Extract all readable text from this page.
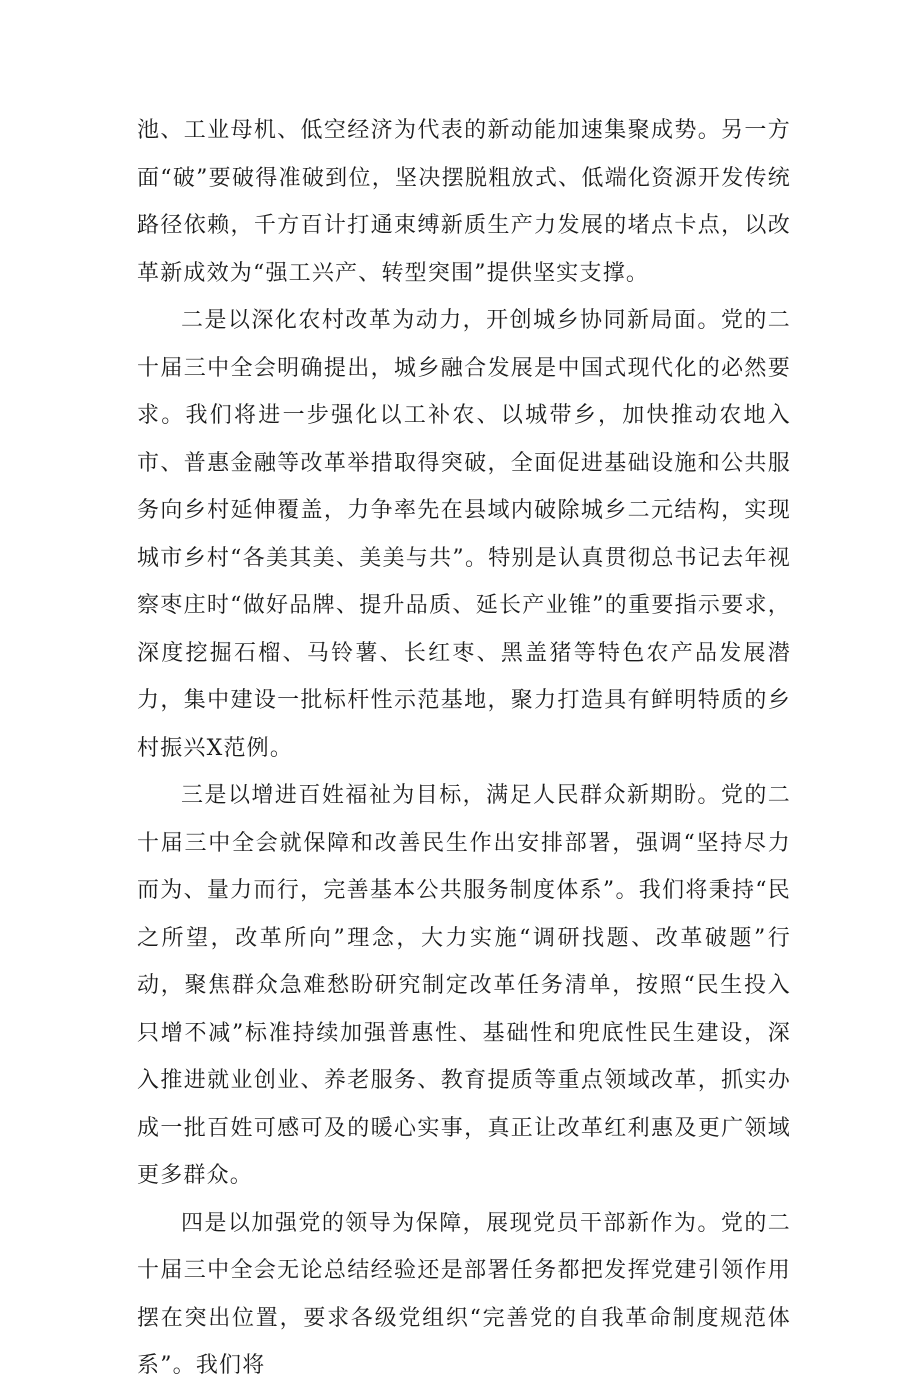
池、工业母机、低空经济为代表的新动能加速集聚成势。另一方面“破”要破得准破到位，坚决摆脱粗放式、低端化资源开发传统路径依赖，千方百计打通束缚新质生产力发展的堵点卡点，以改革新成效为“强工兴产、转型突围”提供坚实支撑。

二是以深化农村改革为动力，开创城乡协同新局面。党的二十届三中全会明确提出，城乡融合发展是中国式现代化的必然要求。我们将进一步强化以工补农、以城带乡，加快推动农地入市、普惠金融等改革举措取得突破，全面促进基础设施和公共服务向乡村延伸覆盖，力争率先在县域内破除城乡二元结构，实现城市乡村“各美其美、美美与共”。特别是认真贯彻总书记去年视察枣庄时“做好品牌、提升品质、延长产业锥”的重要指示要求，深度挖掘石榴、马铃薯、长红枣、黑盖猪等特色农产品发展潜力，集中建设一批标杆性示范基地，聚力打造具有鲜明特质的乡村振兴X范例。

三是以增进百姓福祉为目标，满足人民群众新期盼。党的二十届三中全会就保障和改善民生作出安排部署，强调“坚持尽力而为、量力而行，完善基本公共服务制度体系”。我们将秉持“民之所望，改革所向”理念，大力实施“调研找题、改革破题”行动，聚焦群众急难愁盼研究制定改革任务清单，按照“民生投入只增不减”标准持续加强普惠性、基础性和兜底性民生建设，深入推进就业创业、养老服务、教育提质等重点领域改革，抓实办成一批百姓可感可及的暖心实事，真正让改革红利惠及更广领域更多群众。

四是以加强党的领导为保障，展现党员干部新作为。党的二十届三中全会无论总结经验还是部署任务都把发挥党建引领作用摆在突出位置，要求各级党组织“完善党的自我革命制度规范体系”。我们将
